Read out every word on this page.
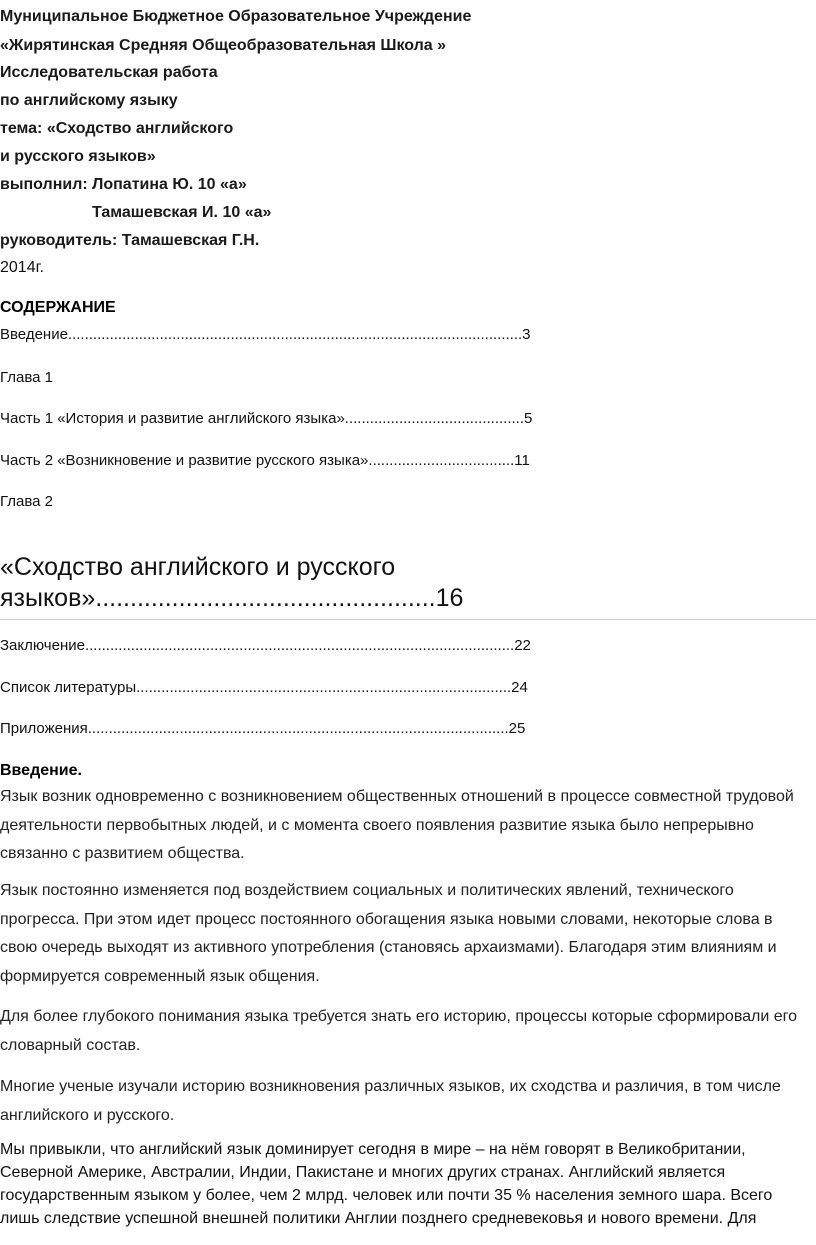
Муниципальное Бюджетное Образовательное Учреждение
«Жирятинская Средняя Общеобразовательная Школа »
Исследовательская работа
по английскому языку
тема: «Сходство английского
и русского языков»
выполнил: Лопатина Ю. 10 «а»
Тамашевская И. 10 «а»
руководитель: Тамашевская Г.Н.
2014г.
СОДЕРЖАНИЕ
Введение.............................................................................................................3
Глава 1
Часть 1 «История и развитие английского языка»...........................................5
Часть 2 «Возникновение и развитие русского языка»...................................11
Глава 2
«Сходство английского и русского
языков».................................................16
Заключение.......................................................................................................22
Список литературы..........................................................................................24
Приложения.....................................................................................................25
Введение.
Язык возник одновременно с возникновением общественных отношений в процессе совместной трудовой деятельности первобытных людей, и с момента своего появления развитие языка было непрерывно связанно с развитием общества.
Язык постоянно изменяется под воздействием социальных и политических явлений, технического прогресса. При этом идет процесс постоянного обогащения языка новыми словами, некоторые слова в свою очередь выходят из активного употребления (становясь архаизмами). Благодаря этим влияниям и формируется современный язык общения.
Для более глубокого понимания языка требуется знать его историю, процессы которые сформировали его словарный состав.
Многие ученые изучали историю возникновения различных языков, их сходства и различия, в том числе английского и русского.
Мы привыкли, что английский язык доминирует сегодня в мире – на нём говорят в Великобритании, Северной Америке, Австралии, Индии, Пакистане и многих других странах. Английский является государственным языком у более, чем 2 млрд. человек или почти 35 % населения земного шара. Всего лишь следствие успешной внешней политики Англии позднего средневековья и нового времени. Для
